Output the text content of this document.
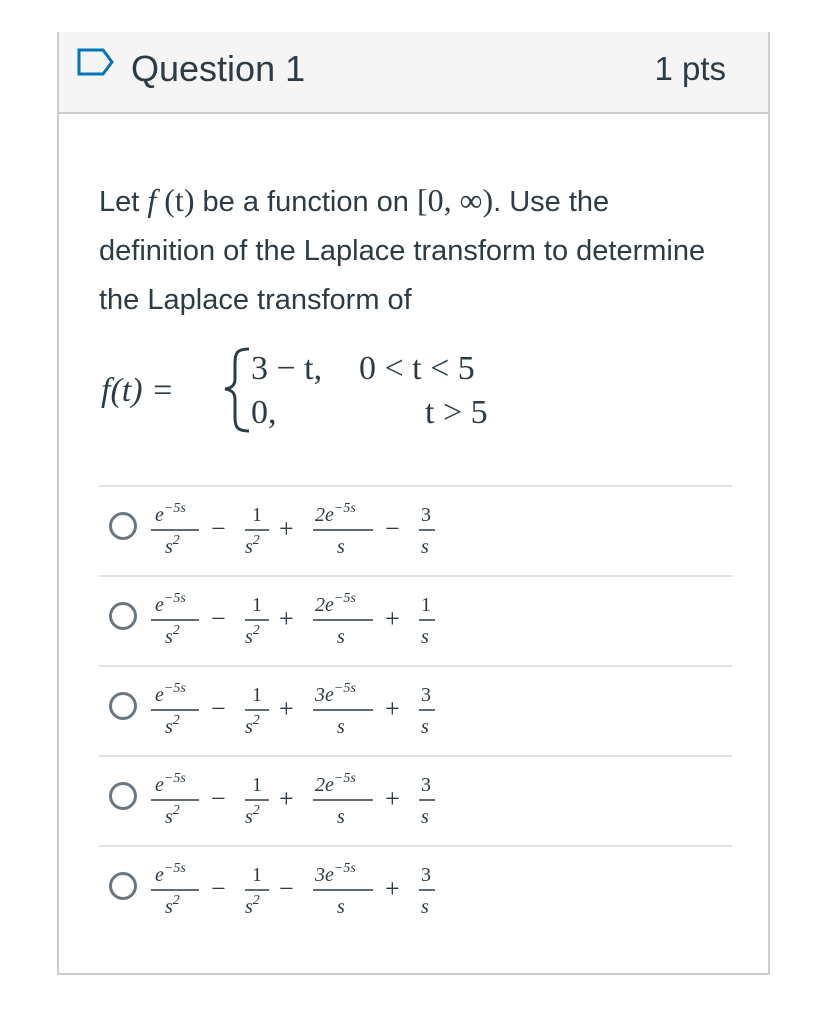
Question 1	1 pts
Let f (t) be a function on [0, ∞). Use the definition of the Laplace transform to determine the Laplace transform of
f(t) =
3 − t, 0 < t < 5
0,	t > 5
$e^{-5s}$
$s^2 - 1$
$s^2 + 2e^{-5s}$
s
− 3
s
$e^{-5s}$
$s^2 - 1$
$s^2 + 2e^{-5s}$
s
+ 1
s
$e^{-5s}$
$s^2 - 1$
$s^2 + 3e^{-5s}$
s
+ 3
s
$e^{-5s}$
$s^2 - 1$
$s^2 + 2e^{-5s}$
s
+ 3
s
$e^{-5s}$
$s^2 - 1$
$s^2 - 3e^{-5s}$
s
+ 3
s
